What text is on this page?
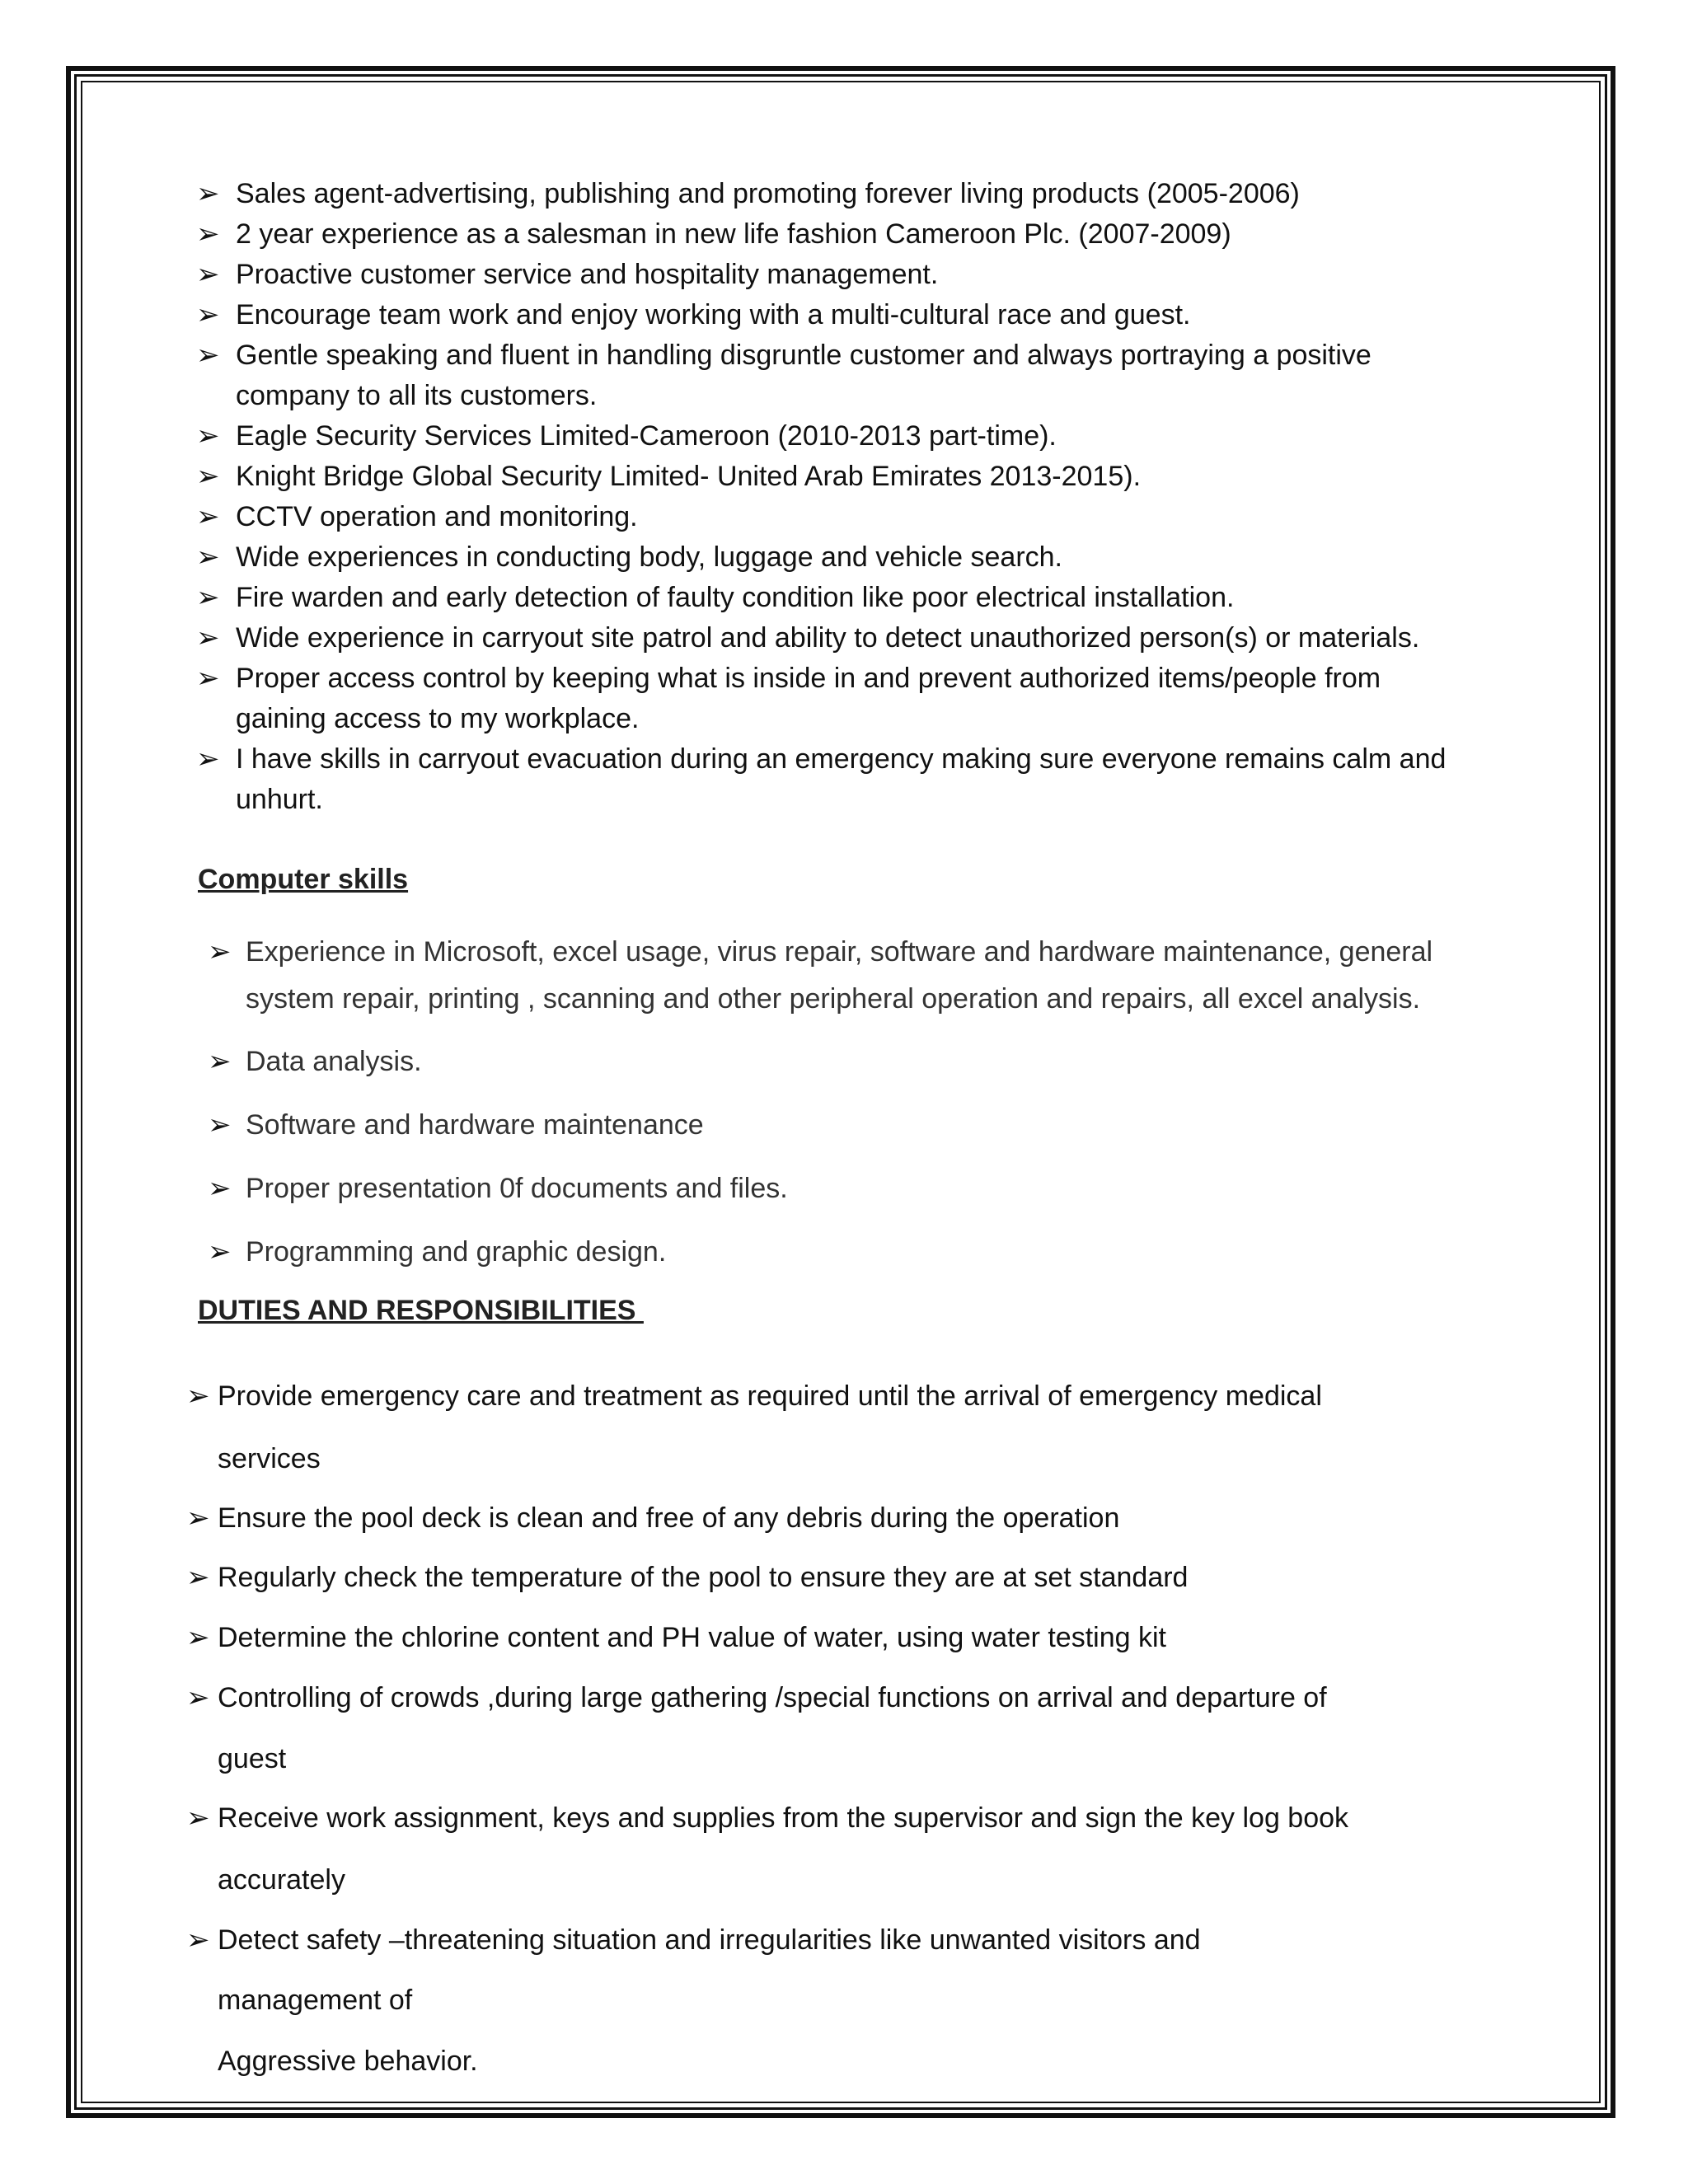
➢ Sales agent-advertising, publishing and promoting forever living products (2005-2006)

➢ 2 year experience as a salesman in new life fashion Cameroon Plc. (2007-2009)

➢ Proactive customer service and hospitality management.

➢ Encourage team work and enjoy working with a multi-cultural race and guest.

➢ Gentle speaking and fluent in handling disgruntle customer and always portraying a positive

company to all its customers.

➢ Eagle Security Services Limited-Cameroon (2010-2013 part-time).

➢ Knight Bridge Global Security Limited- United Arab Emirates 2013-2015).

➢ CCTV operation and monitoring.

➢ Wide experiences in conducting body, luggage and vehicle search.

➢ Fire warden and early detection of faulty condition like poor electrical installation.

➢ Wide experience in carryout site patrol and ability to detect unauthorized person(s) or materials.

➢ Proper access control by keeping what is inside in and prevent authorized items/people from

gaining access to my workplace.

➢ I have skills in carryout evacuation during an emergency making sure everyone remains calm and

unhurt.

Computer skills
➢ Experience in Microsoft, excel usage, virus repair, software and hardware maintenance, general

system repair, printing , scanning and other peripheral operation and repairs, all excel analysis.

➢ Data analysis.

➢ Software and hardware maintenance

➢ Proper presentation 0f documents and files.

➢ Programming and graphic design.

DUTIES AND RESPONSIBILITIES
➢ Provide emergency care and treatment as required until the arrival of emergency medical

services

➢ Ensure the pool deck is clean and free of any debris during the operation

➢ Regularly check the temperature of the pool to ensure they are at set standard

➢ Determine the chlorine content and PH value of water, using water testing kit

➢ Controlling of crowds ,during large gathering /special functions on arrival and departure of

guest

➢ Receive work assignment, keys and supplies from the supervisor and sign the key log book

accurately

➢ Detect safety –threatening situation and irregularities like unwanted visitors and

management of

Aggressive behavior.
